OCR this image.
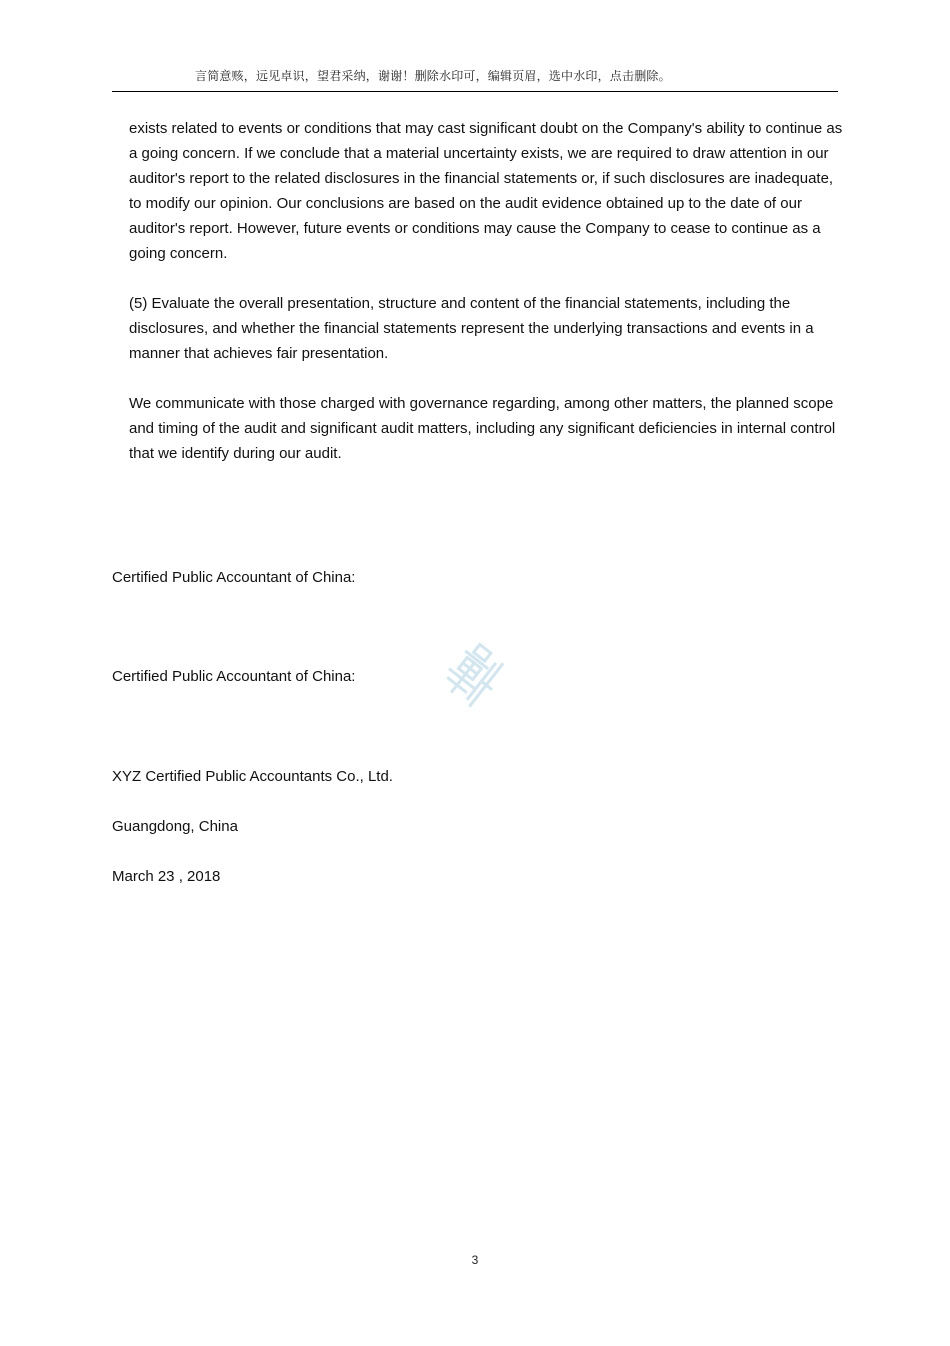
言简意赅，远见卓识，望君采纳，谢谢！删除水印可，编辑页眉，选中水印，点击删除。

exists related to events or conditions that may cast significant doubt on the Company's ability to continue as a going concern. If we conclude that a material uncertainty exists, we are required to draw attention in our auditor's report to the related disclosures in the financial statements or, if such disclosures are inadequate, to modify our opinion. Our conclusions are based on the audit evidence obtained up to the date of our auditor's report. However, future events or conditions may cause the Company to cease to continue as a going concern.

(5) Evaluate the overall presentation, structure and content of the financial statements, including the disclosures, and whether the financial statements represent the underlying transactions and events in a manner that achieves fair presentation.

We communicate with those charged with governance regarding, among other matters, the planned scope and timing of the audit and significant audit matters, including any significant deficiencies in internal control that we identify during our audit.

Certified Public Accountant of China:
Certified Public Accountant of China:
XYZ Certified Public Accountants Co., Ltd.
Guangdong, China
March 23 , 2018
3
